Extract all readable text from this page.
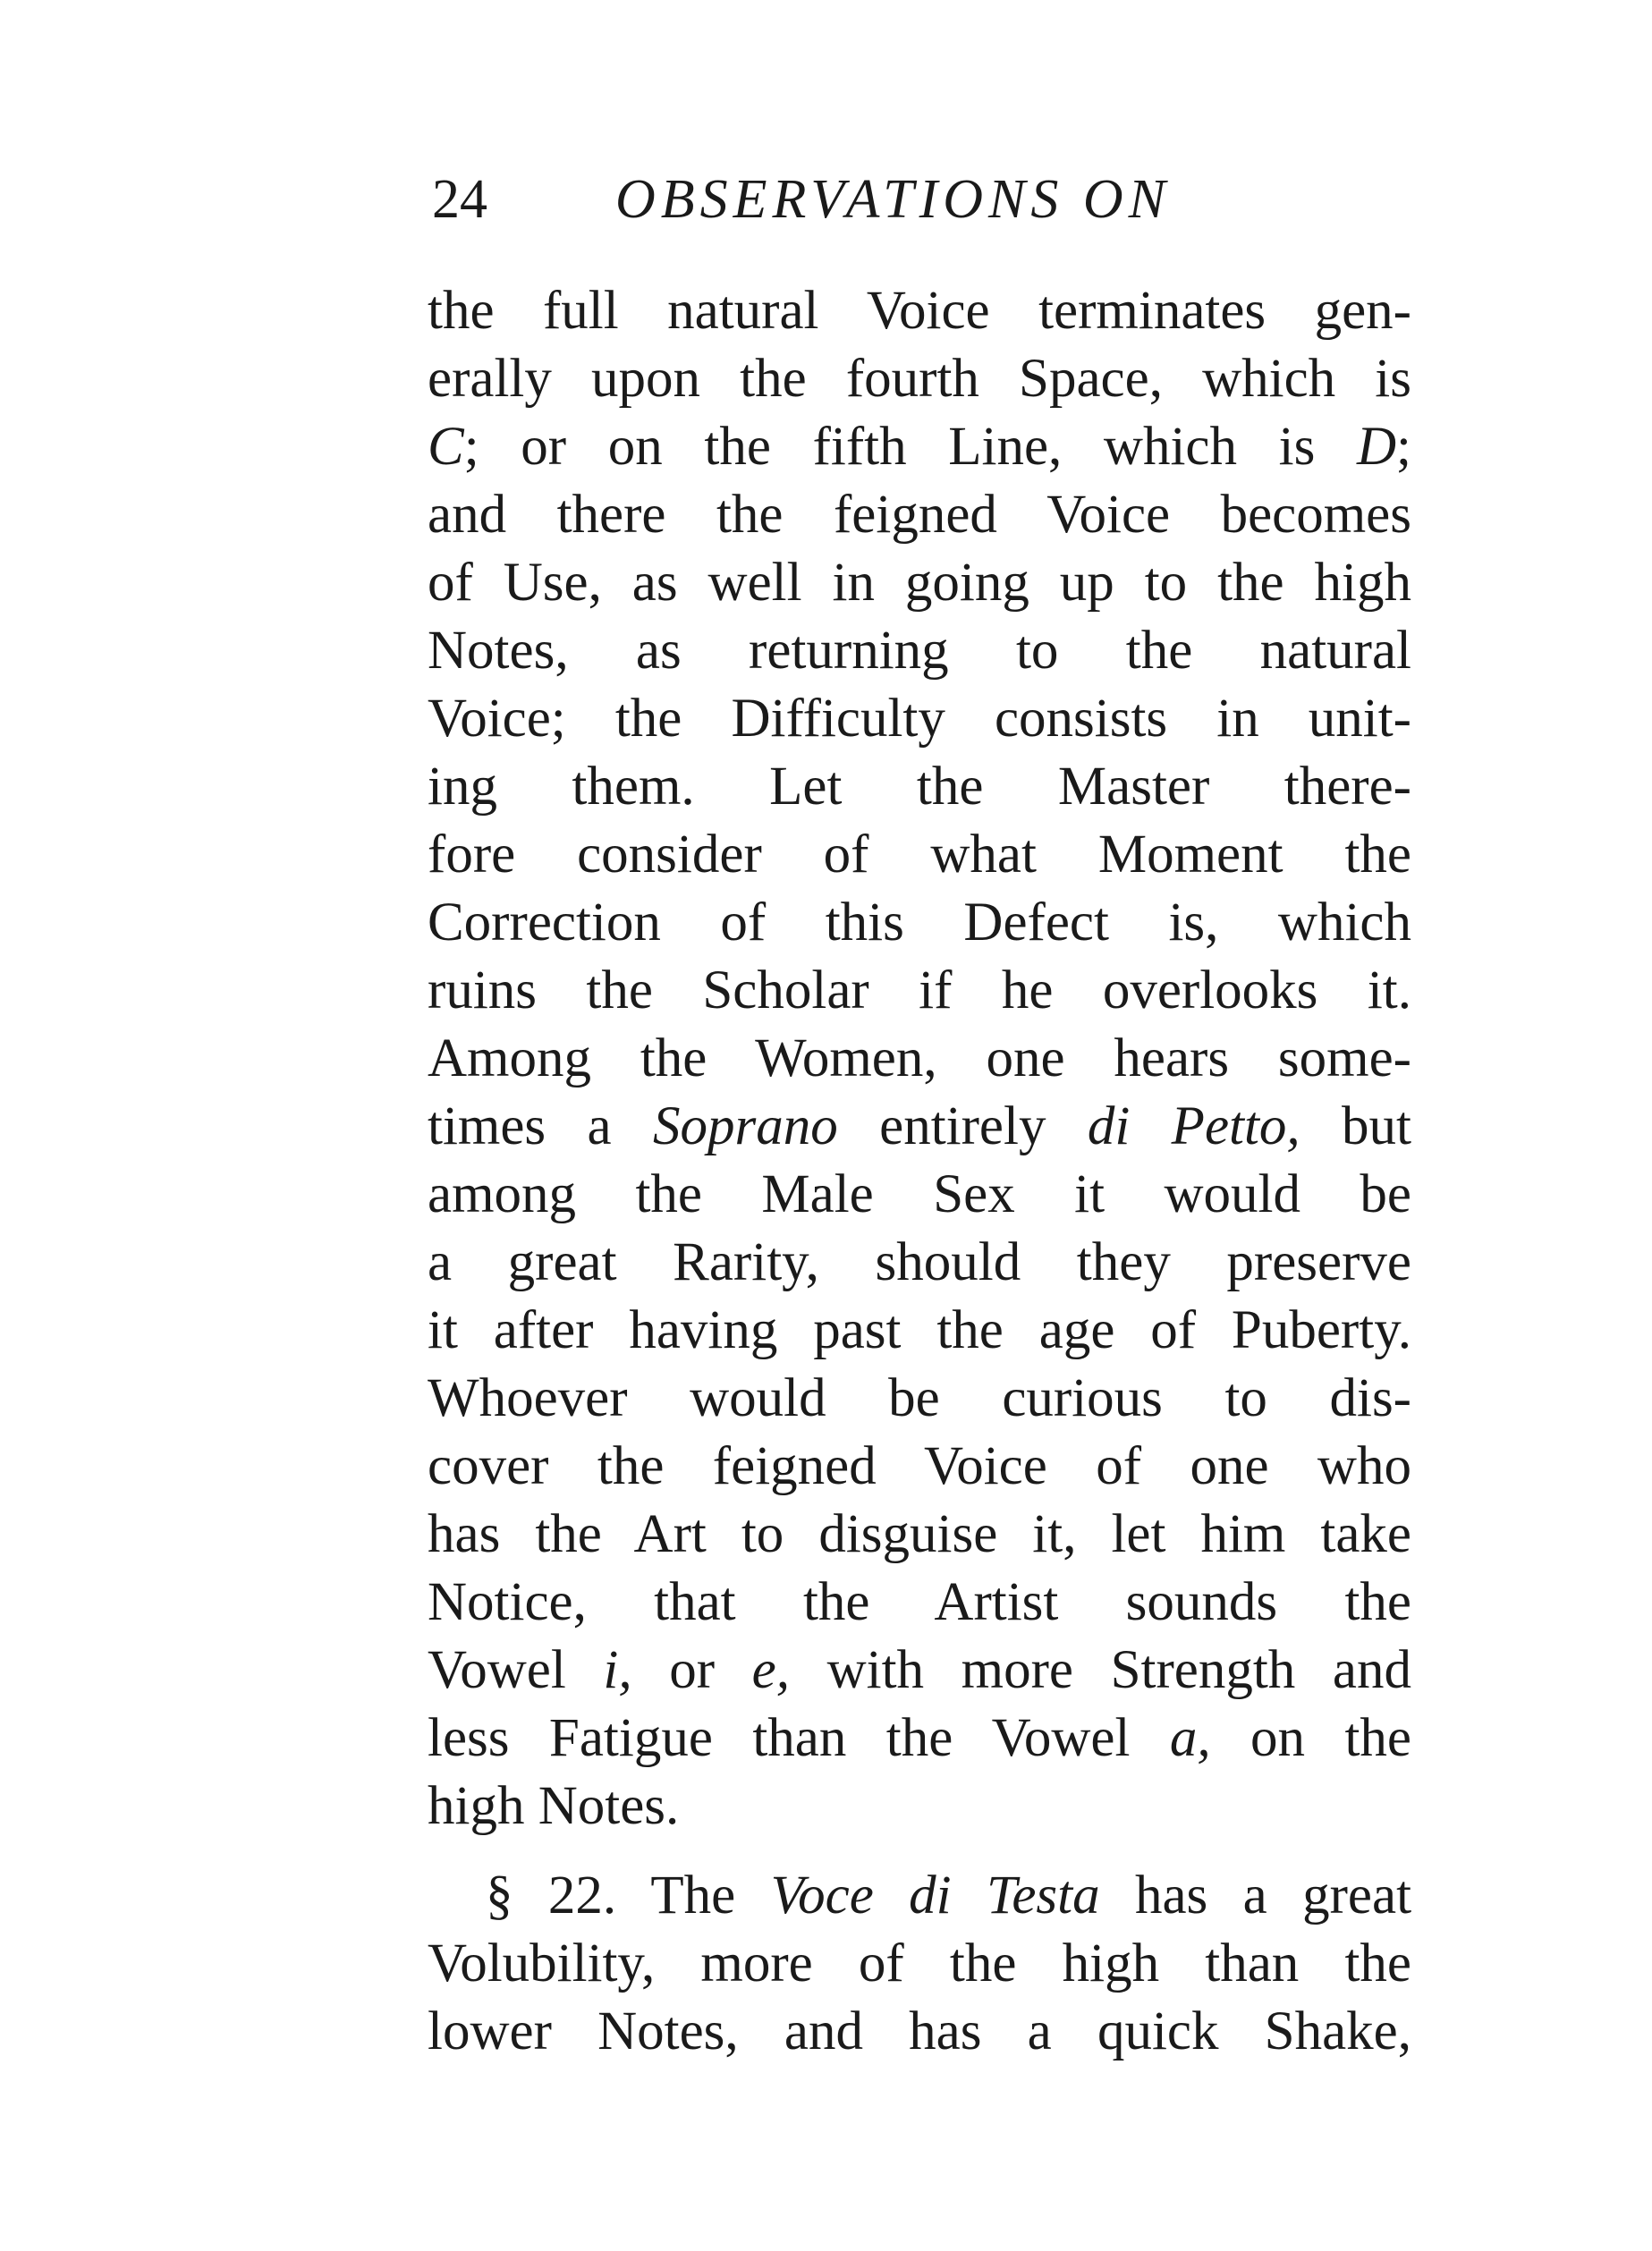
24 OBSERVATIONS ON
the full natural Voice terminates gen-
erally upon the fourth Space, which is
C; or on the fifth Line, which is D;
and there the feigned Voice becomes
of Use, as well in going up to the high
Notes, as returning to the natural
Voice; the Difficulty consists in unit-
ing them. Let the Master there-
fore consider of what Moment the
Correction of this Defect is, which
ruins the Scholar if he overlooks it.
Among the Women, one hears some-
times a Soprano entirely di Petto, but
among the Male Sex it would be
a great Rarity, should they preserve
it after having past the age of Puberty.
Whoever would be curious to dis-
cover the feigned Voice of one who
has the Art to disguise it, let him take
Notice, that the Artist sounds the
Vowel i, or e, with more Strength and
less Fatigue than the Vowel a, on the
high Notes.
§ 22. The Voce di Testa has a great
Volubility, more of the high than the
lower Notes, and has a quick Shake,
